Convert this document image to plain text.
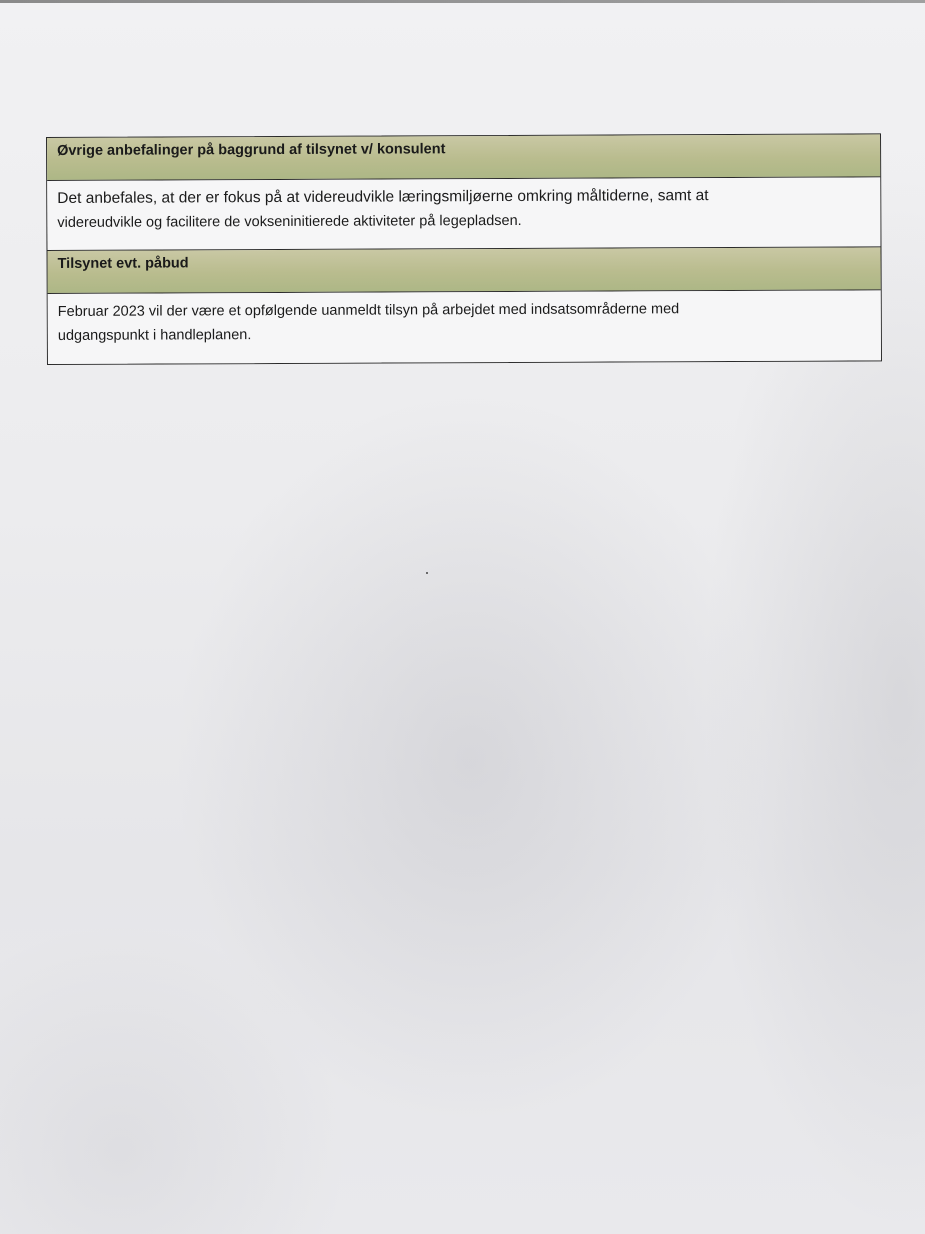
Øvrige anbefalinger på baggrund af tilsynet v/ konsulent
Det anbefales, at der er fokus på at videreudvikle læringsmiljøerne omkring måltiderne, samt at
videreudvikle og facilitere de vokseninitierede aktiviteter på legepladsen.
Tilsynet evt. påbud
Februar 2023 vil der være et opfølgende uanmeldt tilsyn på arbejdet med indsatsområderne med
udgangspunkt i handleplanen.
